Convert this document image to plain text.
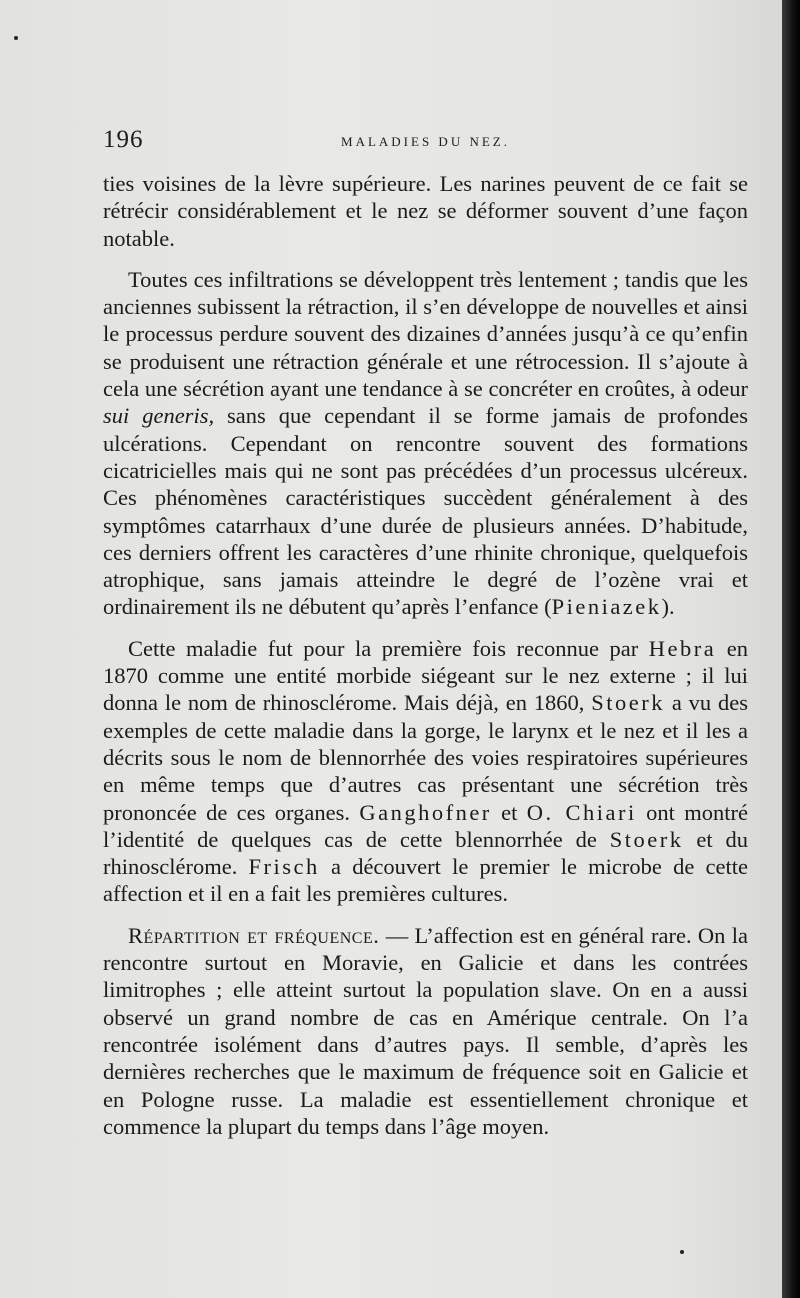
196	MALADIES DU NEZ.

ties voisines de la lèvre supérieure. Les narines peuvent de ce fait se rétrécir considérablement et le nez se déformer souvent d’une façon notable.

Toutes ces infiltrations se développent très lentement ; tandis que les anciennes subissent la rétraction, il s’en développe de nouvelles et ainsi le processus perdure souvent des dizaines d’années jusqu’à ce qu’enfin se produisent une rétraction générale et une rétrocession. Il s’ajoute à cela une sécrétion ayant une tendance à se concréter en croûtes, à odeur sui generis, sans que cependant il se forme jamais de profondes ulcérations. Cependant on rencontre souvent des formations cicatricielles mais qui ne sont pas précédées d’un processus ulcéreux. Ces phénomènes caractéristiques succèdent généralement à des symptômes catarrhaux d’une durée de plusieurs années. D’habitude, ces derniers offrent les caractères d’une rhinite chronique, quelquefois atrophique, sans jamais atteindre le degré de l’ozène vrai et ordinairement ils ne débutent qu’après l’enfance (Pieniazek).

Cette maladie fut pour la première fois reconnue par Hebra en 1870 comme une entité morbide siégeant sur le nez externe ; il lui donna le nom de rhinosclérome. Mais déjà, en 1860, Stoerk a vu des exemples de cette maladie dans la gorge, le larynx et le nez et il les a décrits sous le nom de blennorrhée des voies respiratoires supérieures en même temps que d’autres cas présentant une sécrétion très prononcée de ces organes. Ganghofner et O. Chiari ont montré l’identité de quelques cas de cette blennorrhée de Stoerk et du rhinosclérome. Frisch a découvert le premier le microbe de cette affection et il en a fait les premières cultures.

Répartition et fréquence. — L’affection est en général rare. On la rencontre surtout en Moravie, en Galicie et dans les contrées limitrophes ; elle atteint surtout la population slave. On en a aussi observé un grand nombre de cas en Amérique centrale. On l’a rencontrée isolément dans d’autres pays. Il semble, d’après les dernières recherches que le maximum de fréquence soit en Galicie et en Pologne russe. La maladie est essentiellement chronique et commence la plupart du temps dans l’âge moyen.
